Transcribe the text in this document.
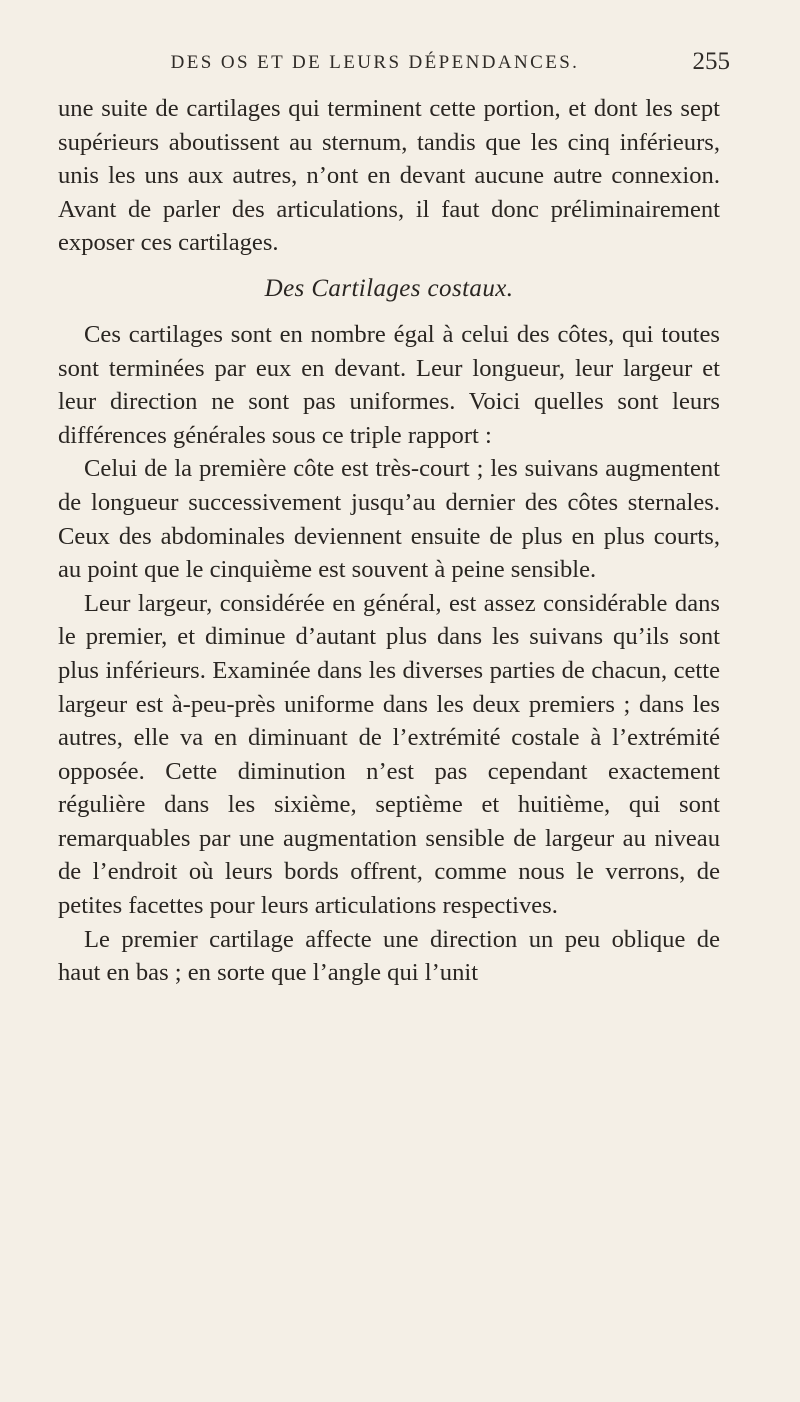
DES OS ET DE LEURS DÉPENDANCES.	255

une suite de cartilages qui terminent cette portion, et dont les sept supérieurs aboutissent au sternum, tandis que les cinq inférieurs, unis les uns aux autres, n’ont en devant aucune autre connexion. Avant de parler des articulations, il faut donc préliminairement exposer ces cartilages.

Des Cartilages costaux.

Ces cartilages sont en nombre égal à celui des côtes, qui toutes sont terminées par eux en devant. Leur longueur, leur largeur et leur direction ne sont pas uniformes. Voici quelles sont leurs différences générales sous ce triple rapport :

Celui de la première côte est très-court ; les suivans augmentent de longueur successivement jusqu’au dernier des côtes sternales. Ceux des abdominales deviennent ensuite de plus en plus courts, au point que le cinquième est souvent à peine sensible.

Leur largeur, considérée en général, est assez considérable dans le premier, et diminue d’autant plus dans les suivans qu’ils sont plus inférieurs. Examinée dans les diverses parties de chacun, cette largeur est à-peu-près uniforme dans les deux premiers ; dans les autres, elle va en diminuant de l’extrémité costale à l’extrémité opposée. Cette diminution n’est pas cependant exactement régulière dans les sixième, septième et huitième, qui sont remarquables par une augmentation sensible de largeur au niveau de l’endroit où leurs bords offrent, comme nous le verrons, de petites facettes pour leurs articulations respectives.

Le premier cartilage affecte une direction un peu oblique de haut en bas ; en sorte que l’angle qui l’unit
